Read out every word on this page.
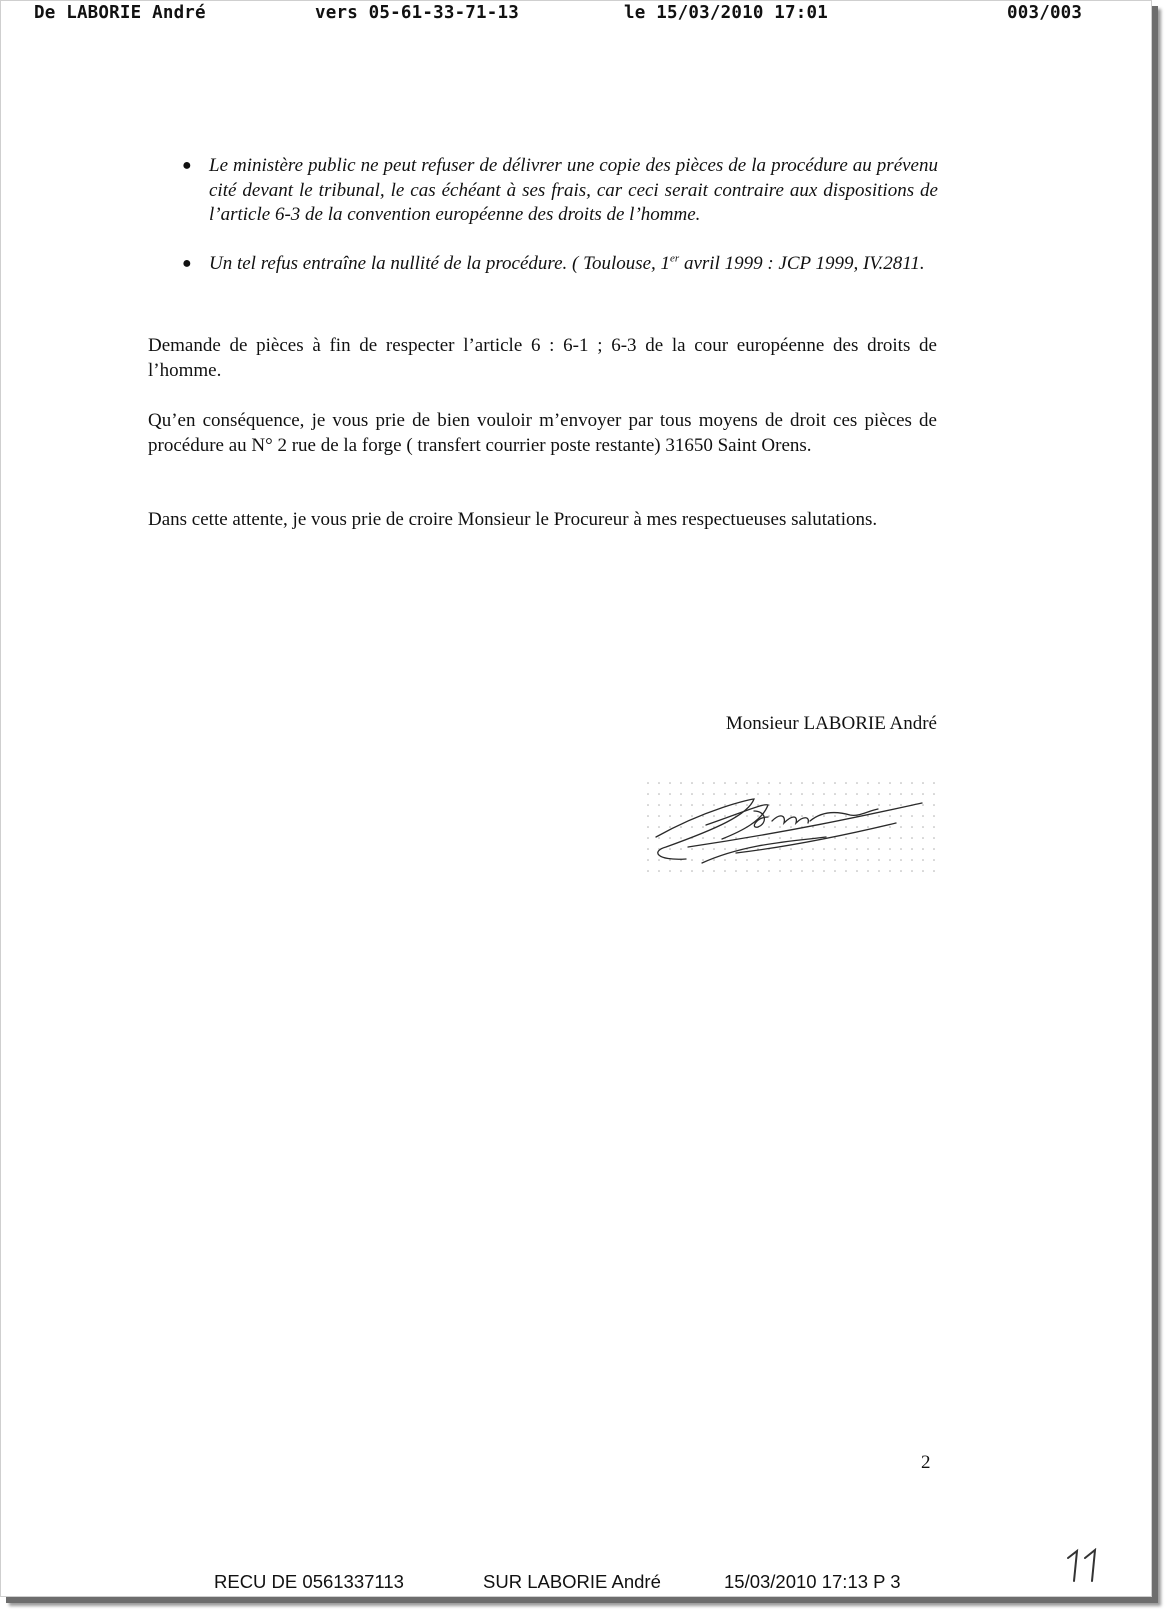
De LABORIE André	vers 05-61-33-71-13	le 15/03/2010 17:01	003/003
● Le ministère public ne peut refuser de délivrer une copie des pièces de la procédure au prévenu cité devant le tribunal, le cas échéant à ses frais, car ceci serait contraire aux dispositions de l’article 6-3 de la convention européenne des droits de l’homme.
● Un tel refus entraîne la nullité de la procédure. ( Toulouse, 1er avril 1999 : JCP 1999, IV.2811.

Demande de pièces à fin de respecter l’article 6 : 6-1 ; 6-3 de la cour européenne des droits de l’homme.

Qu’en conséquence, je vous prie de bien vouloir m’envoyer par tous moyens de droit ces pièces de procédure au N° 2 rue de la forge ( transfert courrier poste restante) 31650 Saint Orens.

Dans cette attente, je vous prie de croire Monsieur le Procureur à mes respectueuses salutations.

Monsieur LABORIE André
2
RECU DE 0561337113	SUR LABORIE André	15/03/2010 17:13 P 3
